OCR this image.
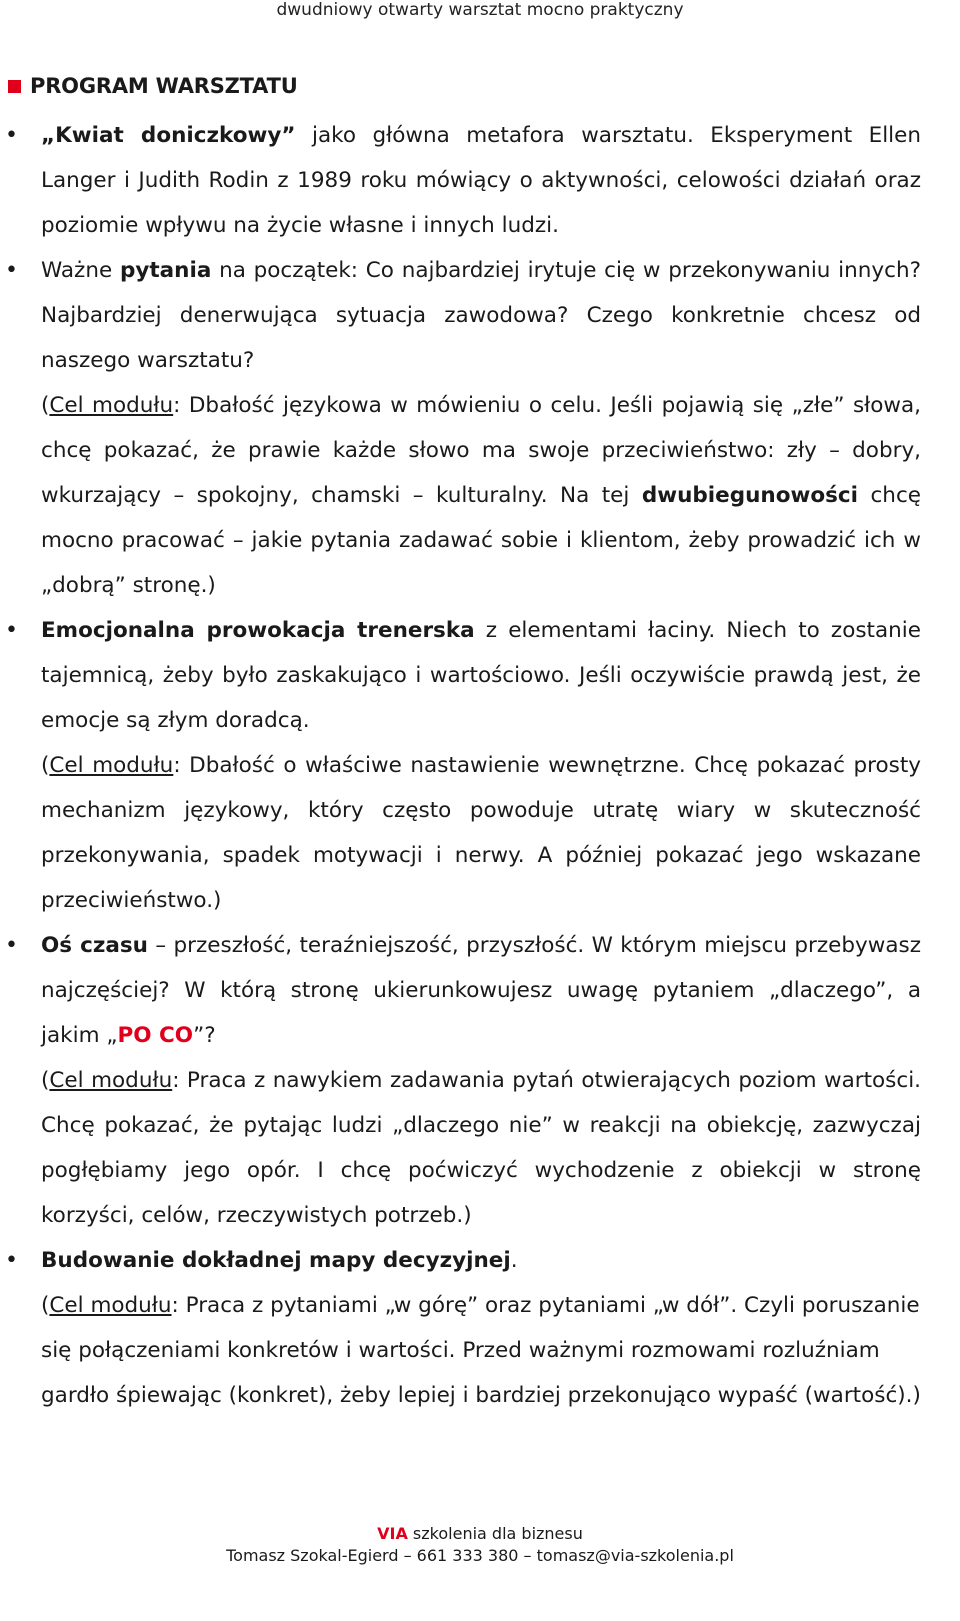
dwudniowy otwarty warsztat mocno praktyczny
PROGRAM WARSZTATU
• „Kwiat doniczkowy” jako główna metafora warsztatu. Eksperyment Ellen Langer i Judith Rodin z 1989 roku mówiący o aktywności, celowości działań oraz poziomie wpływu na życie własne i innych ludzi.
• Ważne pytania na początek: Co najbardziej irytuje cię w przekonywaniu innych? Najbardziej denerwująca sytuacja zawodowa? Czego konkretnie chcesz od naszego warsztatu?
(Cel modułu: Dbałość językowa w mówieniu o celu. Jeśli pojawią się „złe” słowa, chcę pokazać, że prawie każde słowo ma swoje przeciwieństwo: zły – dobry, wkurzający – spokojny, chamski – kulturalny. Na tej dwubiegunowości chcę mocno pracować – jakie pytania zadawać sobie i klientom, żeby prowadzić ich w „dobrą” stronę.)
• Emocjonalna prowokacja trenerska z elementami łaciny. Niech to zostanie tajemnicą, żeby było zaskakująco i wartościowo. Jeśli oczywiście prawdą jest, że emocje są złym doradcą.
(Cel modułu: Dbałość o właściwe nastawienie wewnętrzne. Chcę pokazać prosty mechanizm językowy, który często powoduje utratę wiary w skuteczność przekonywania, spadek motywacji i nerwy. A później pokazać jego wskazane przeciwieństwo.)
• Oś czasu – przeszłość, teraźniejszość, przyszłość. W którym miejscu przebywasz najczęściej? W którą stronę ukierunkowujesz uwagę pytaniem „dlaczego”, a jakim „PO CO”?
(Cel modułu: Praca z nawykiem zadawania pytań otwierających poziom wartości. Chcę pokazać, że pytając ludzi „dlaczego nie” w reakcji na obiekcję, zazwyczaj pogłębiamy jego opór. I chcę poćwiczyć wychodzenie z obiekcji w stronę korzyści, celów, rzeczywistych potrzeb.)
• Budowanie dokładnej mapy decyzyjnej.
(Cel modułu: Praca z pytaniami „w górę” oraz pytaniami „w dół”. Czyli poruszanie się połączeniami konkretów i wartości. Przed ważnymi rozmowami rozluźniam gardło śpiewając (konkret), żeby lepiej i bardziej przekonująco wypaść (wartość).)
VIA szkolenia dla biznesu
Tomasz Szokal-Egierd – 661 333 380 – tomasz@via-szkolenia.pl
